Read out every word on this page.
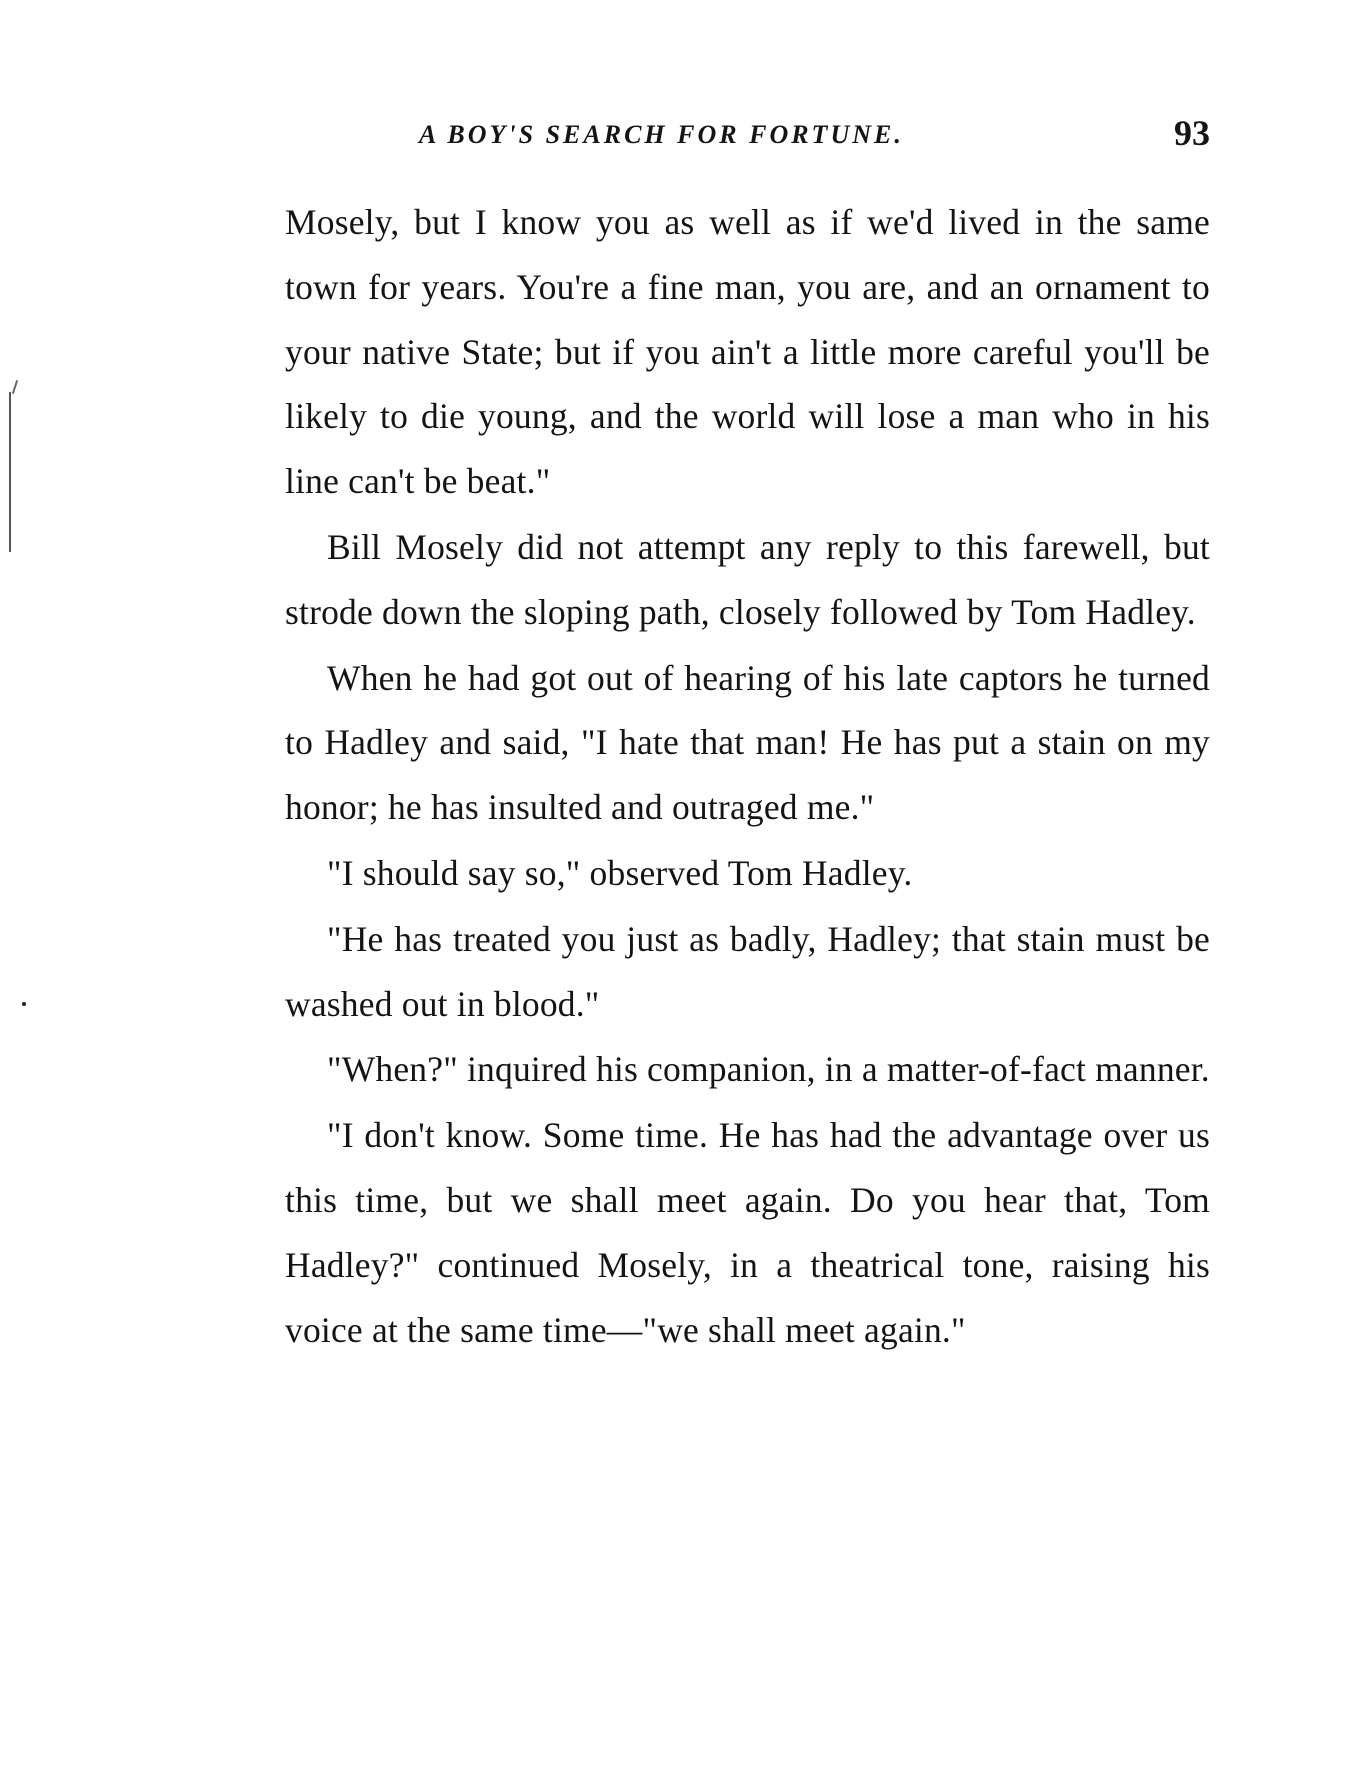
A BOY'S SEARCH FOR FORTUNE.	93

Mosely, but I know you as well as if we'd lived in the same town for years. You're a fine man, you are, and an ornament to your native State; but if you ain't a little more careful you'll be likely to die young, and the world will lose a man who in his line can't be beat."

Bill Mosely did not attempt any reply to this farewell, but strode down the sloping path, closely followed by Tom Hadley.

When he had got out of hearing of his late captors he turned to Hadley and said, "I hate that man! He has put a stain on my honor; he has insulted and outraged me."

"I should say so," observed Tom Hadley.

"He has treated you just as badly, Hadley; that stain must be washed out in blood."

"When?" inquired his companion, in a matter-of-fact manner.

"I don't know. Some time. He has had the advantage over us this time, but we shall meet again. Do you hear that, Tom Hadley?" continued Mosely, in a theatrical tone, raising his voice at the same time—"we shall meet again."
